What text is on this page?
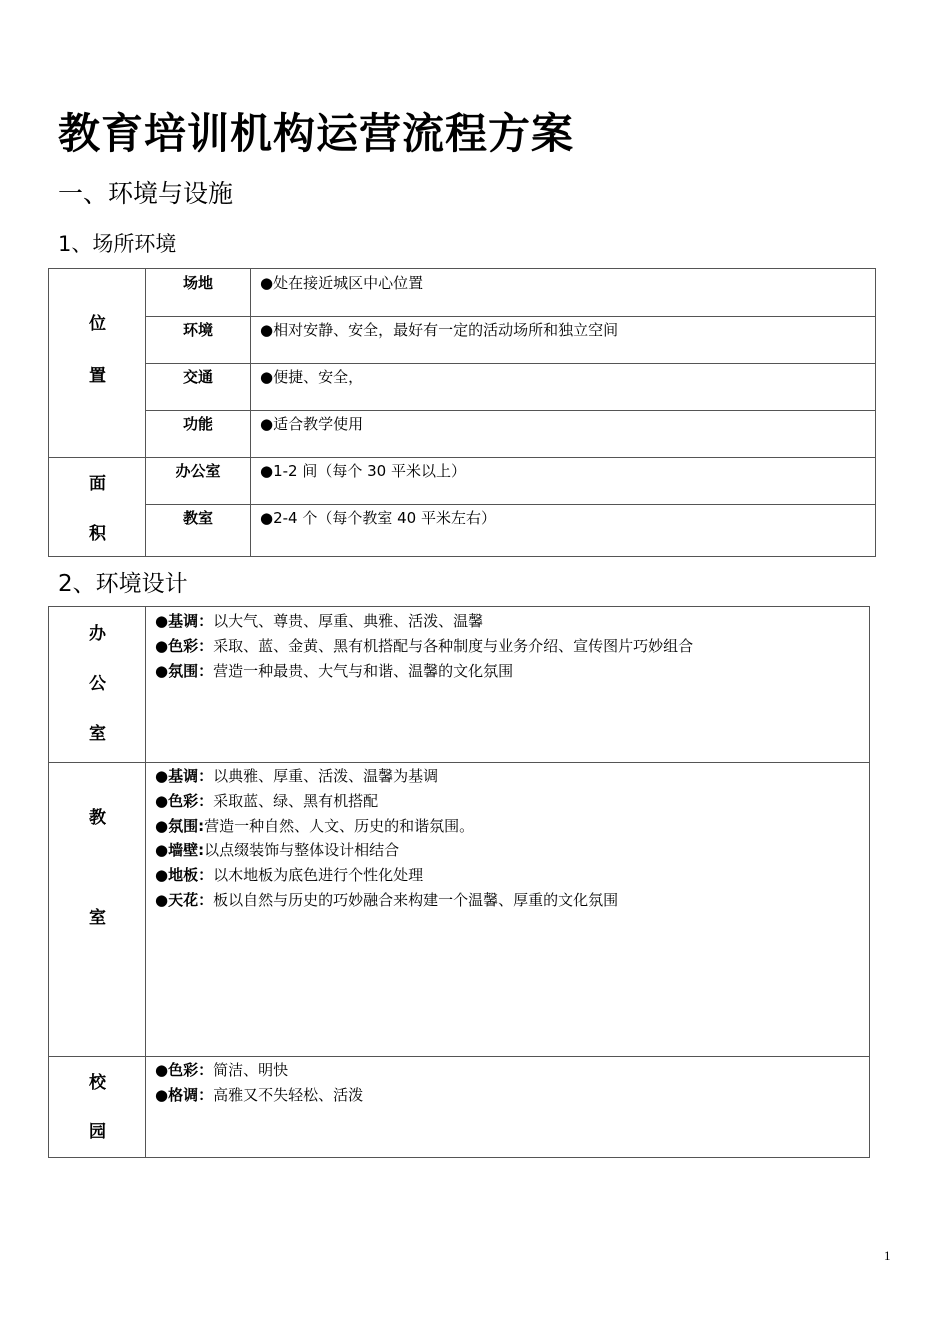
教育培训机构运营流程方案
一、环境与设施
1、场所环境
位
置
场地	●处在接近城区中心位置
环境	●相对安静、安全，最好有一定的活动场所和独立空间
交通	●便捷、安全，
功能	●适合教学使用
面
积
办公室	●1-2 间（每个 30 平米以上）
教室	●2-4 个（每个教室 40 平米左右）
2、环境设计
办
公
室
●基调：以大气、尊贵、厚重、典雅、活泼、温馨
●色彩：采取、蓝、金黄、黑有机搭配与各种制度与业务介绍、宣传图片巧妙组合
●氛围：营造一种最贵、大气与和谐、温馨的文化氛围
教
室
●基调：以典雅、厚重、活泼、温馨为基调
●色彩：采取蓝、绿、黑有机搭配
●氛围:营造一种自然、人文、历史的和谐氛围。
●墙壁:以点缀装饰与整体设计相结合
●地板：以木地板为底色进行个性化处理
●天花：板以自然与历史的巧妙融合来构建一个温馨、厚重的文化氛围
校
园
●色彩：简洁、明快
●格调：高雅又不失轻松、活泼
1
